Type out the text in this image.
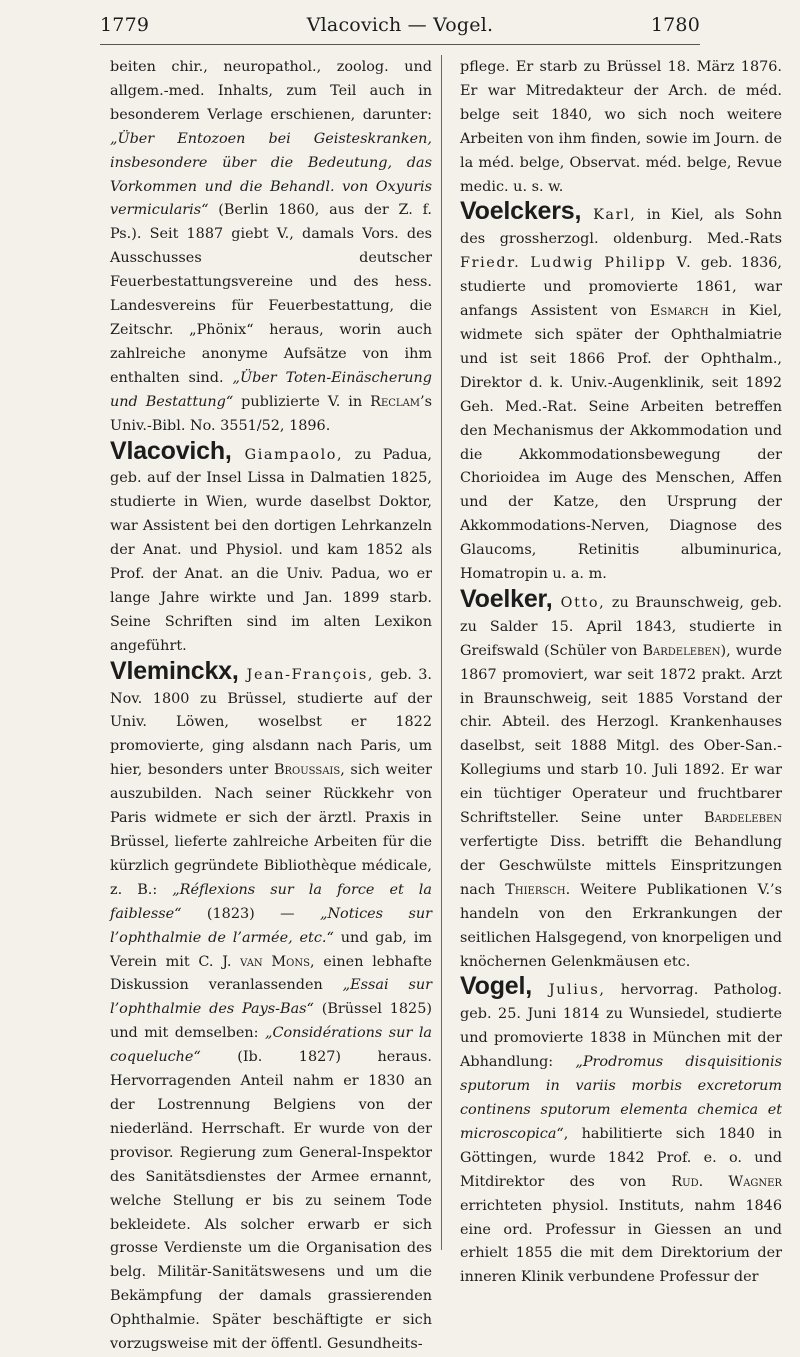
1779	Vlacovich — Vogel.	1780

beiten chir., neuropathol., zoolog. und allgem.-med. Inhalts, zum Teil auch in besonderem Verlage erschienen, darunter: „Über Entozoen bei Geisteskranken, insbesondere über die Bedeutung, das Vorkommen und die Behandl. von Oxyuris vermicularis“ (Berlin 1860, aus der Z. f. Ps.). Seit 1887 giebt V., damals Vors. des Ausschusses deutscher Feuerbestattungsvereine und des hess. Landesvereins für Feuerbestattung, die Zeitschr. „Phönix“ heraus, worin auch zahlreiche anonyme Aufsätze von ihm enthalten sind. „Über Toten-Einäscherung und Bestattung“ publizierte V. in Reclam’s Univ.-Bibl. No. 3551/52, 1896.

Vlacovich, Giampaolo, zu Padua, geb. auf der Insel Lissa in Dalmatien 1825, studierte in Wien, wurde daselbst Doktor, war Assistent bei den dortigen Lehrkanzeln der Anat. und Physiol. und kam 1852 als Prof. der Anat. an die Univ. Padua, wo er lange Jahre wirkte und Jan. 1899 starb. Seine Schriften sind im alten Lexikon angeführt.

Vleminckx, Jean-François, geb. 3. Nov. 1800 zu Brüssel, studierte auf der Univ. Löwen, woselbst er 1822 promovierte, ging alsdann nach Paris, um hier, besonders unter Broussais, sich weiter auszubilden. Nach seiner Rückkehr von Paris widmete er sich der ärztl. Praxis in Brüssel, lieferte zahlreiche Arbeiten für die kürzlich gegründete Bibliothèque médicale, z. B.: „Réflexions sur la force et la faiblesse“ (1823) — „Notices sur l’ophthalmie de l’armée, etc.“ und gab, im Verein mit C. J. van Mons, einen lebhafte Diskussion veranlassenden „Essai sur l’ophthalmie des Pays-Bas“ (Brüssel 1825) und mit demselben: „Considérations sur la coqueluche“ (Ib. 1827) heraus. Hervorragenden Anteil nahm er 1830 an der Lostrennung Belgiens von der niederländ. Herrschaft. Er wurde von der provisor. Regierung zum General-Inspektor des Sanitätsdienstes der Armee ernannt, welche Stellung er bis zu seinem Tode bekleidete. Als solcher erwarb er sich grosse Verdienste um die Organisation des belg. Militär-Sanitätswesens und um die Bekämpfung der damals grassierenden Ophthalmie. Später beschäftigte er sich vorzugsweise mit der öffentl. Gesundheits-

pflege. Er starb zu Brüssel 18. März 1876. Er war Mitredakteur der Arch. de méd. belge seit 1840, wo sich noch weitere Arbeiten von ihm finden, sowie im Journ. de la méd. belge, Observat. méd. belge, Revue medic. u. s. w.

Voelckers, Karl, in Kiel, als Sohn des grossherzogl. oldenburg. Med.-Rats Friedr. Ludwig Philipp V. geb. 1836, studierte und promovierte 1861, war anfangs Assistent von Esmarch in Kiel, widmete sich später der Ophthalmiatrie und ist seit 1866 Prof. der Ophthalm., Direktor d. k. Univ.-Augenklinik, seit 1892 Geh. Med.-Rat. Seine Arbeiten betreffen den Mechanismus der Akkommodation und die Akkommodationsbewegung der Chorioidea im Auge des Menschen, Affen und der Katze, den Ursprung der Akkommodations-Nerven, Diagnose des Glaucoms, Retinitis albuminurica, Homatropin u. a. m.

Voelker, Otto, zu Braunschweig, geb. zu Salder 15. April 1843, studierte in Greifswald (Schüler von Bardeleben), wurde 1867 promoviert, war seit 1872 prakt. Arzt in Braunschweig, seit 1885 Vorstand der chir. Abteil. des Herzogl. Krankenhauses daselbst, seit 1888 Mitgl. des Ober-San.-Kollegiums und starb 10. Juli 1892. Er war ein tüchtiger Operateur und fruchtbarer Schriftsteller. Seine unter Bardeleben verfertigte Diss. betrifft die Behandlung der Geschwülste mittels Einspritzungen nach Thiersch. Weitere Publikationen V.’s handeln von den Erkrankungen der seitlichen Halsgegend, von knorpeligen und knöchernen Gelenkmäusen etc.

Vogel, Julius, hervorrag. Patholog. geb. 25. Juni 1814 zu Wunsiedel, studierte und promovierte 1838 in München mit der Abhandlung: „Prodromus disquisitionis sputorum in variis morbis excretorum continens sputorum elementa chemica et microscopica“, habilitierte sich 1840 in Göttingen, wurde 1842 Prof. e. o. und Mitdirektor des von Rud. Wagner errichteten physiol. Instituts, nahm 1846 eine ord. Professur in Giessen an und erhielt 1855 die mit dem Direktorium der inneren Klinik verbundene Professur der
